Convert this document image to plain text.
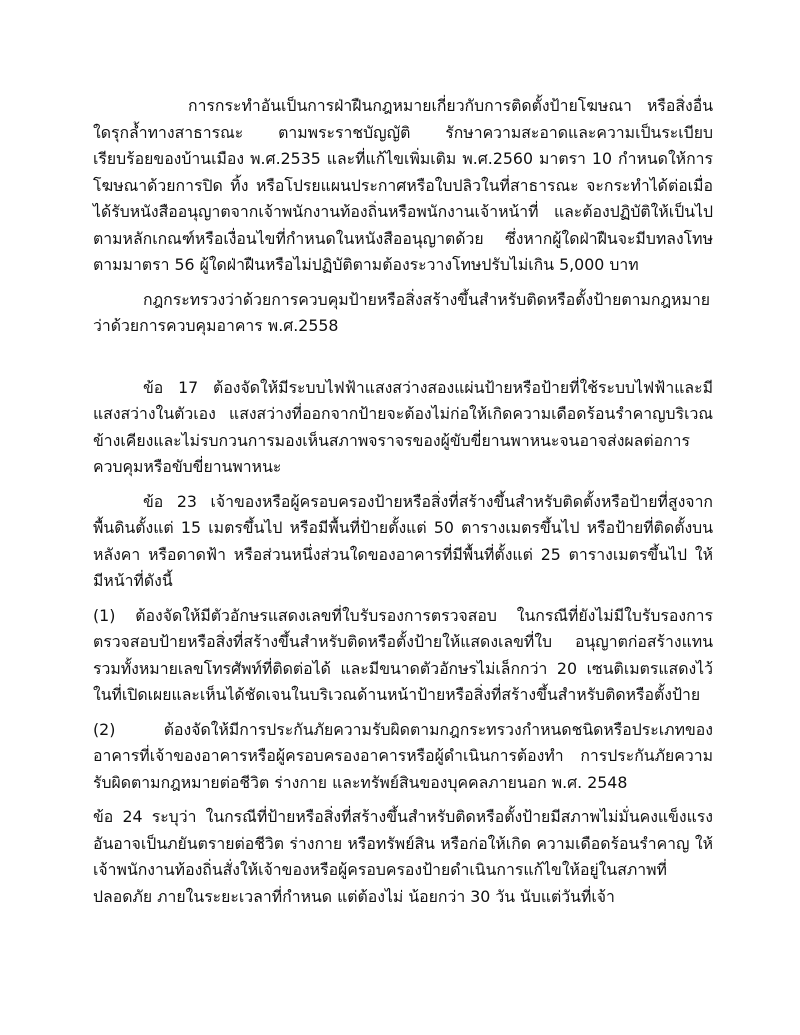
การกระทำอันเป็นการฝ่าฝืนกฎหมายเกี่ยวกับการติดตั้งป้ายโฆษณา หรือสิ่งอื่นใดรุกล้ำทางสาธารณะ ตามพระราชบัญญัติ รักษาความสะอาดและความเป็นระเบียบเรียบร้อยของบ้านเมือง พ.ศ.2535 และที่แก้ไขเพิ่มเติม พ.ศ.2560 มาตรา 10 กำหนดให้การโฆษณาด้วยการปิด ทิ้ง หรือโปรยแผนประกาศหรือใบปลิวในที่สาธารณะ จะกระทำได้ต่อเมื่อได้รับหนังสืออนุญาตจากเจ้าพนักงานท้องถิ่นหรือพนักงานเจ้าหน้าที่ และต้องปฏิบัติให้เป็นไป ตามหลักเกณฑ์หรือเงื่อนไขที่กำหนดในหนังสืออนุญาตด้วย ซึ่งหากผู้ใดฝ่าฝืนจะมีบทลงโทษตามมาตรา 56 ผู้ใดฝ่าฝืนหรือไม่ปฏิบัติตามต้องระวางโทษปรับไม่เกิน 5,000 บาท

กฎกระทรวงว่าด้วยการควบคุมป้ายหรือสิ่งสร้างขึ้นสำหรับติดหรือตั้งป้ายตามกฎหมายว่าด้วยการควบคุมอาคาร พ.ศ.2558

ข้อ 17 ต้องจัดให้มีระบบไฟฟ้าแสงสว่างสองแผ่นป้ายหรือป้ายที่ใช้ระบบไฟฟ้าและมีแสงสว่างในตัวเอง แสงสว่างที่ออกจากป้ายจะต้องไม่ก่อให้เกิดความเดือดร้อนรำคาญบริเวณข้างเคียงและไม่รบกวนการมองเห็นสภาพจราจรของผู้ขับขี่ยานพาหนะจนอาจส่งผลต่อการควบคุมหรือขับขี่ยานพาหนะ

ข้อ 23 เจ้าของหรือผู้ครอบครองป้ายหรือสิ่งที่สร้างขึ้นสำหรับติดตั้งหรือป้ายที่สูงจากพื้นดินตั้งแต่ 15 เมตรขึ้นไป หรือมีพื้นที่ป้ายตั้งแต่ 50 ตารางเมตรขึ้นไป หรือป้ายที่ติดตั้งบนหลังคา หรือดาดฟ้า หรือส่วนหนึ่งส่วนใดของอาคารที่มีพื้นที่ตั้งแต่ 25 ตารางเมตรขึ้นไป ให้มีหน้าที่ดังนี้

(1) ต้องจัดให้มีตัวอักษรแสดงเลขที่ใบรับรองการตรวจสอบ ในกรณีที่ยังไม่มีใบรับรองการตรวจสอบป้ายหรือสิ่งที่สร้างขึ้นสำหรับติดหรือตั้งป้ายให้แสดงเลขที่ใบ อนุญาตก่อสร้างแทน รวมทั้งหมายเลขโทรศัพท์ที่ติดต่อได้ และมีขนาดตัวอักษรไม่เล็กกว่า 20 เซนติเมตรแสดงไว้ในที่เปิดเผยและเห็นได้ชัดเจนในบริเวณด้านหน้าป้ายหรือสิ่งที่สร้างขึ้นสำหรับติดหรือตั้งป้าย

(2) ต้องจัดให้มีการประกันภัยความรับผิดตามกฎกระทรวงกำหนดชนิดหรือประเภทของอาคารที่เจ้าของอาคารหรือผู้ครอบครองอาคารหรือผู้ดำเนินการต้องทำ การประกันภัยความรับผิดตามกฎหมายต่อชีวิต ร่างกาย และทรัพย์สินของบุคคลภายนอก พ.ศ. 2548

ข้อ 24 ระบุว่า ในกรณีที่ป้ายหรือสิ่งที่สร้างขึ้นสำหรับติดหรือตั้งป้ายมีสภาพไม่มั่นคงแข็งแรงอันอาจเป็นภยันตรายต่อชีวิต ร่างกาย หรือทรัพย์สิน หรือก่อให้เกิด ความเดือดร้อนรำคาญ ให้เจ้าพนักงานท้องถิ่นสั่งให้เจ้าของหรือผู้ครอบครองป้ายดำเนินการแก้ไขให้อยู่ในสภาพที่ปลอดภัย ภายในระยะเวลาที่กำหนด แต่ต้องไม่ น้อยกว่า 30 วัน นับแต่วันที่เจ้า
